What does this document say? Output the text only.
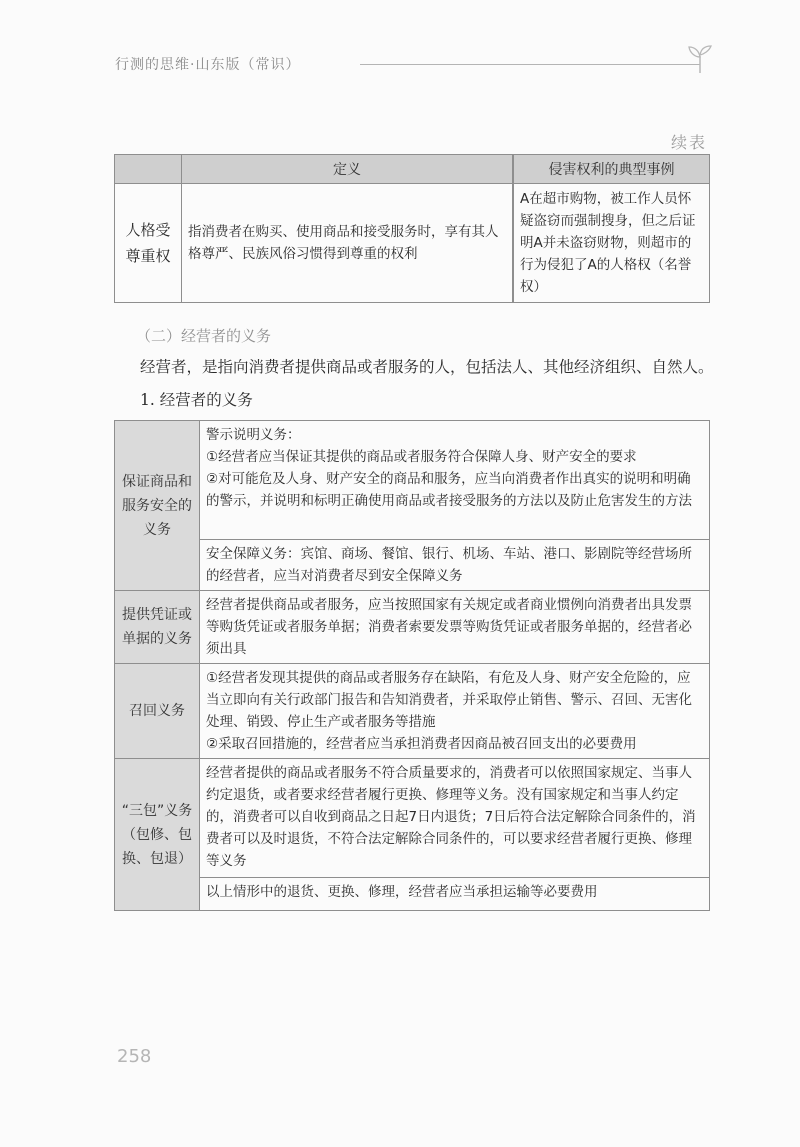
行测的思维·山东版（常识）
续表
	定义	侵害权利的典型事例

人格受尊重权	指消费者在购买、使用商品和接受服务时，享有其人格尊严、民族风俗习惯得到尊重的权利	A在超市购物，被工作人员怀疑盗窃而强制搜身，但之后证明A并未盗窃财物，则超市的行为侵犯了A的人格权（名誉权）
（二）经营者的义务
经营者，是指向消费者提供商品或者服务的人，包括法人、其他经济组织、自然人。
1. 经营者的义务
保证商品和服务安全的义务	警示说明义务：
①经营者应当保证其提供的商品或者服务符合保障人身、财产安全的要求
②对可能危及人身、财产安全的商品和服务，应当向消费者作出真实的说明和明确的警示，并说明和标明正确使用商品或者接受服务的方法以及防止危害发生的方法

	安全保障义务：宾馆、商场、餐馆、银行、机场、车站、港口、影剧院等经营场所的经营者，应当对消费者尽到安全保障义务

提供凭证或单据的义务	经营者提供商品或者服务，应当按照国家有关规定或者商业惯例向消费者出具发票等购货凭证或者服务单据；消费者索要发票等购货凭证或者服务单据的，经营者必须出具

召回义务	①经营者发现其提供的商品或者服务存在缺陷，有危及人身、财产安全危险的，应当立即向有关行政部门报告和告知消费者，并采取停止销售、警示、召回、无害化处理、销毁、停止生产或者服务等措施
②采取召回措施的，经营者应当承担消费者因商品被召回支出的必要费用

“三包”义务（包修、包换、包退）	经营者提供的商品或者服务不符合质量要求的，消费者可以依照国家规定、当事人约定退货，或者要求经营者履行更换、修理等义务。没有国家规定和当事人约定的，消费者可以自收到商品之日起7日内退货；7日后符合法定解除合同条件的，消费者可以及时退货，不符合法定解除合同条件的，可以要求经营者履行更换、修理等义务

	以上情形中的退货、更换、修理，经营者应当承担运输等必要费用
258
